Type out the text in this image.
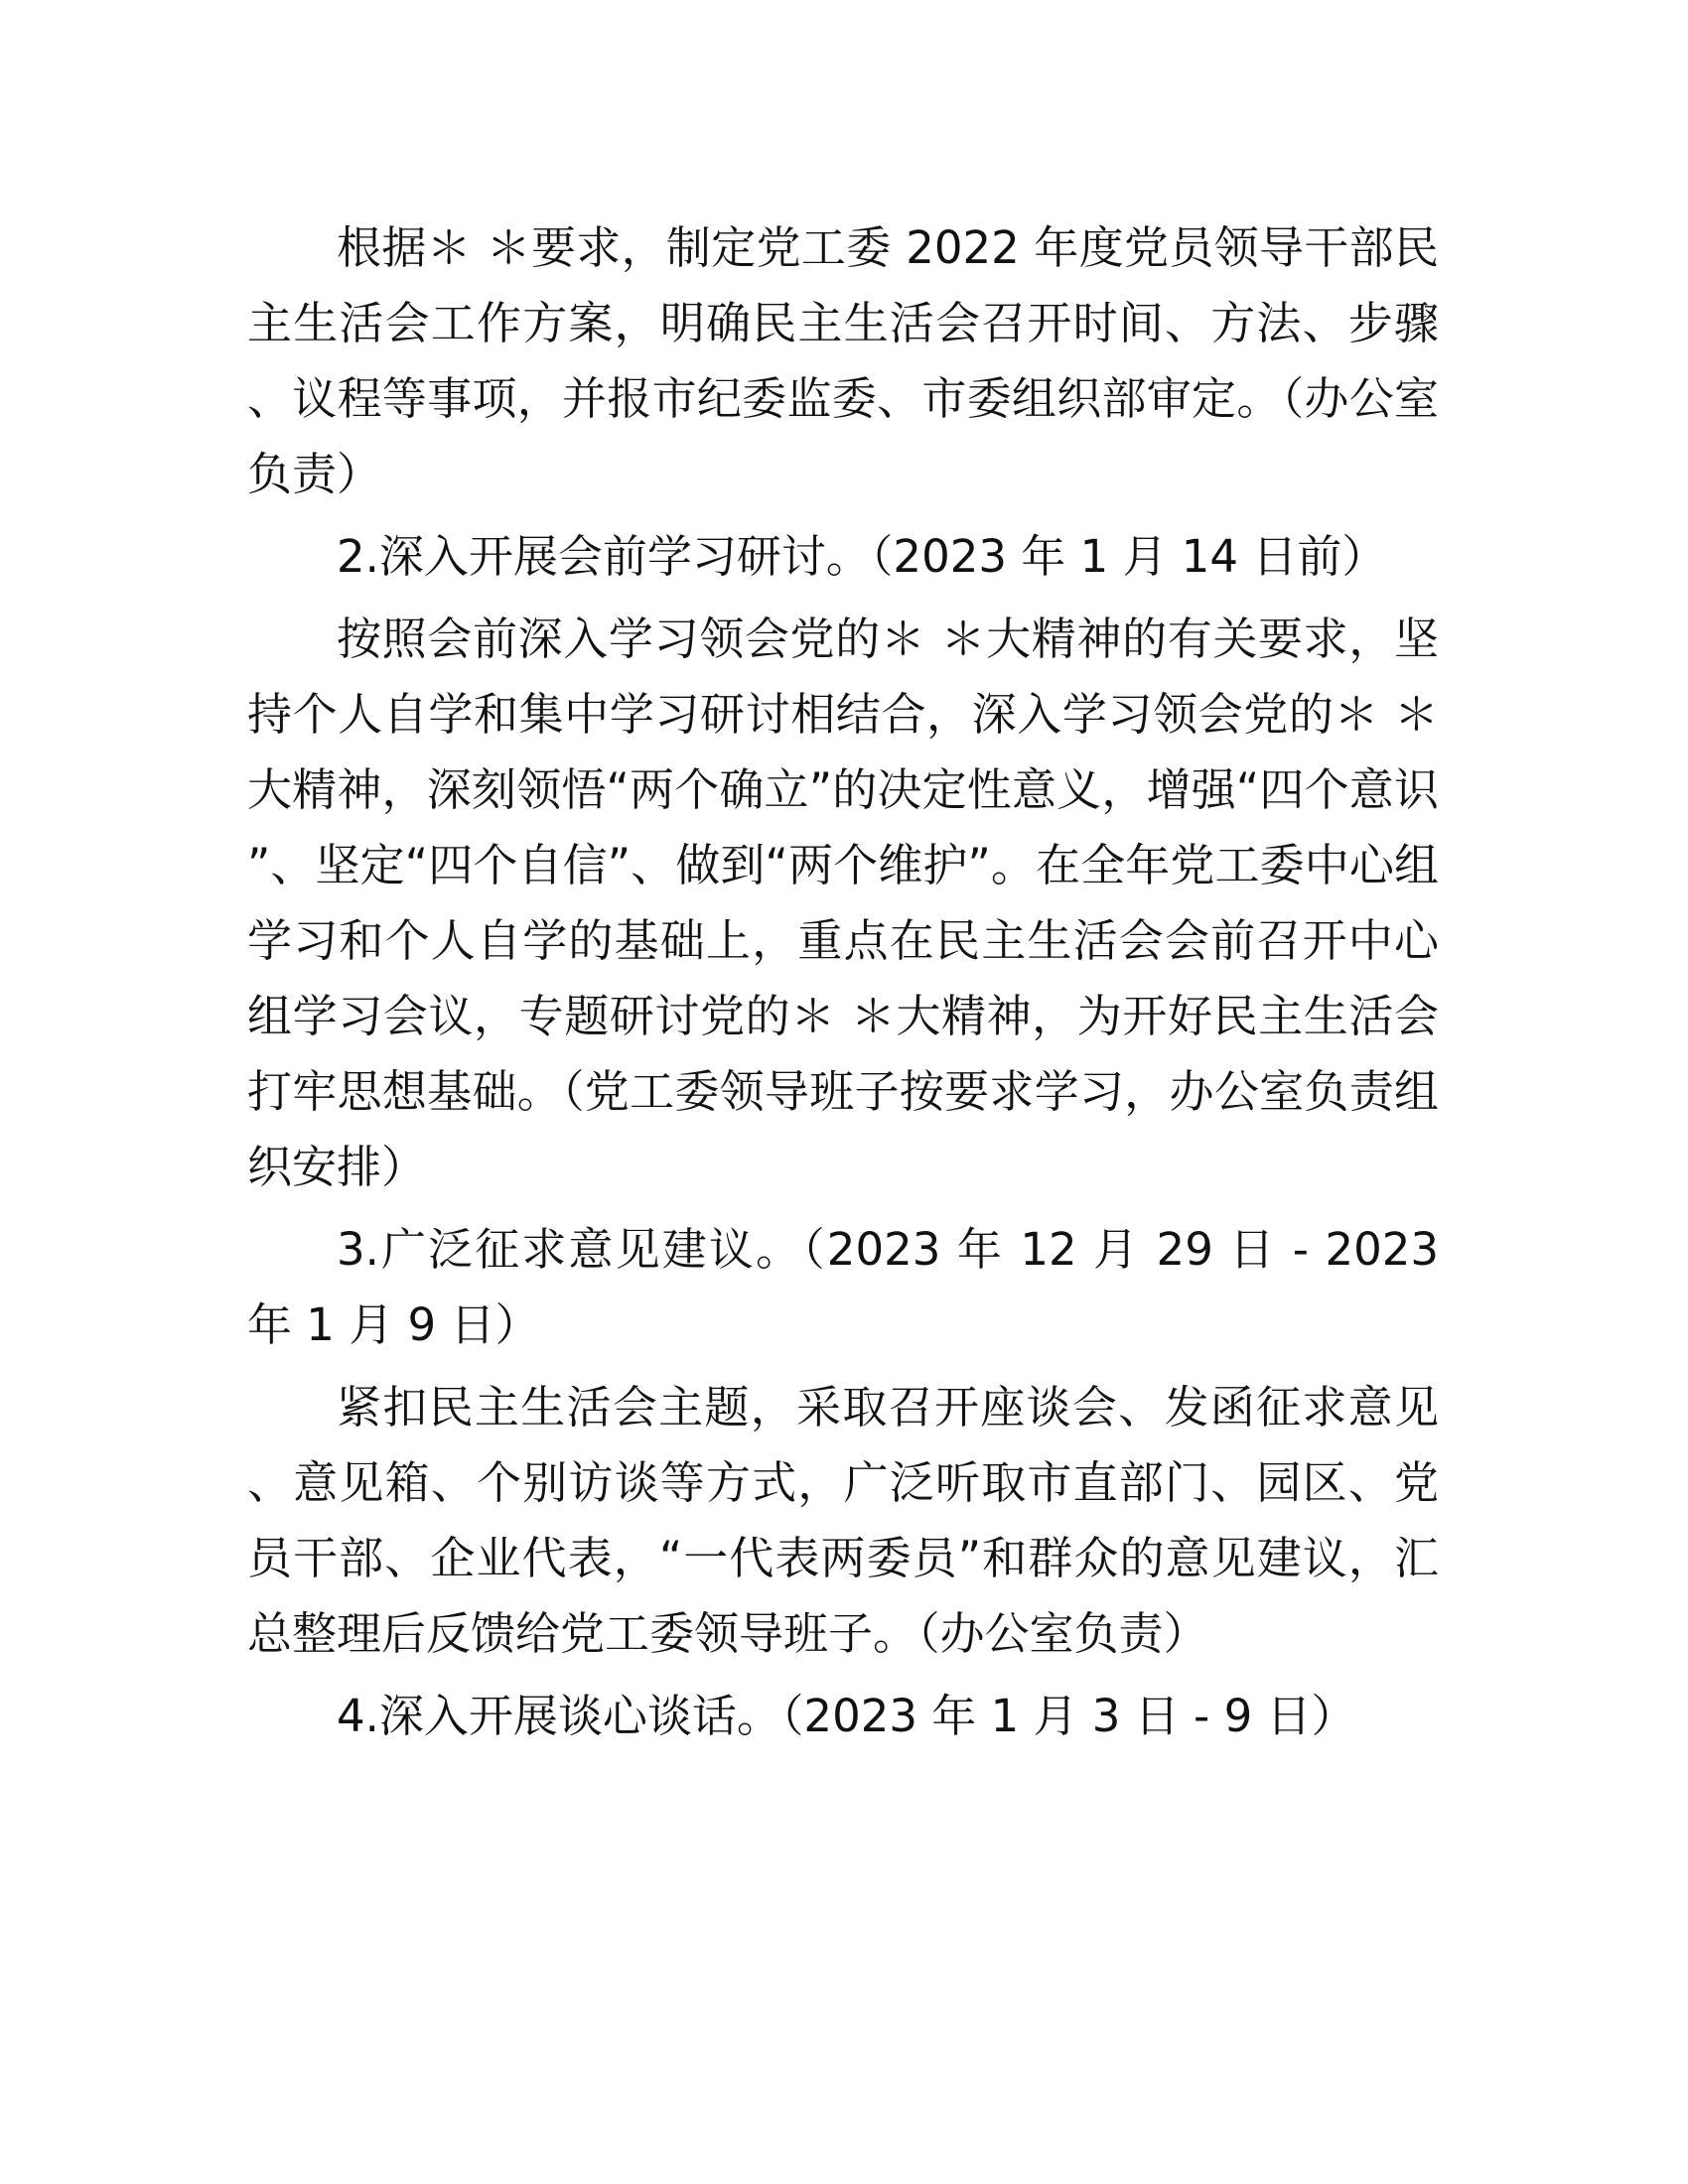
根据＊ ＊要求，制定党工委 2022 年度党员领导干部民主生活会工作方案，明确民主生活会召开时间、方法、步骤、议程等事项，并报市纪委监委、市委组织部审定。（办公室负责）

2.深入开展会前学习研讨。（2023 年 1 月 14 日前）

按照会前深入学习领会党的＊ ＊大精神的有关要求，坚持个人自学和集中学习研讨相结合，深入学习领会党的＊ ＊大精神，深刻领悟“两个确立”的决定性意义，增强“四个意识”、坚定“四个自信”、做到“两个维护”。在全年党工委中心组学习和个人自学的基础上，重点在民主生活会会前召开中心组学习会议，专题研讨党的＊ ＊大精神，为开好民主生活会打牢思想基础。（党工委领导班子按要求学习，办公室负责组织安排）

3.广泛征求意见建议。（2023 年 12 月 29 日 - 2023 年 1 月 9 日）

紧扣民主生活会主题，采取召开座谈会、发函征求意见、意见箱、个别访谈等方式，广泛听取市直部门、园区、党员干部、企业代表，“一代表两委员”和群众的意见建议，汇总整理后反馈给党工委领导班子。（办公室负责）

4.深入开展谈心谈话。（2023 年 1 月 3 日 - 9 日）
